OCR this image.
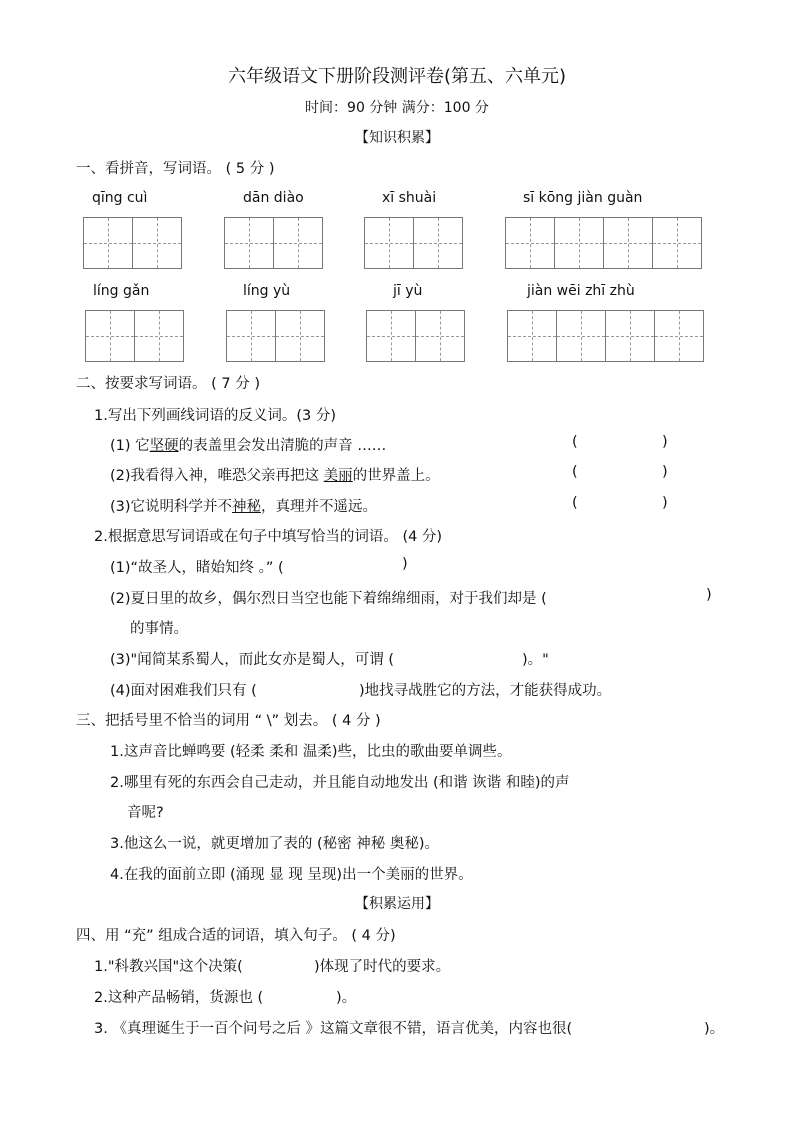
六年级语文下册阶段测评卷(第五、六单元)
时间：90 分钟 满分：100 分
【知识积累】
一、看拼音，写词语。 ( 5 分 )
qīng cuì	dān diào	xī shuài	sī kōng jiàn guàn
líng gǎn	líng yù	jī yù	jiàn wēi zhī zhù
二、按要求写词语。 ( 7 分 )
1.写出下列画线词语的反义词。(3 分)
(1) 它坚硬的表盖里会发出清脆的声音 ……	(	)
(2)我看得入神，唯恐父亲再把这 美丽的世界盖上。	(	)
(3)它说明科学并不神秘，真理并不遥远。	(	)
2.根据意思写词语或在句子中填写恰当的词语。 (4 分)
(1)“故圣人，睹始知终 。” (	)
(2)夏日里的故乡，偶尔烈日当空也能下着绵绵细雨，对于我们却是 (	)
的事情。
(3)"闻简某系蜀人，而此女亦是蜀人，可谓 (	)。"
(4)面对困难我们只有 (	)地找寻战胜它的方法，才能获得成功。
三、把括号里不恰当的词用 “ \” 划去。 ( 4 分 )
1.这声音比蝉鸣要 (轻柔 柔和 温柔)些，比虫的歌曲要单调些。
2.哪里有死的东西会自己走动，并且能自动地发出 (和谐 诙谐 和睦)的声
音呢?
3.他这么一说，就更增加了表的 (秘密 神秘 奥秘)。
4.在我的面前立即 (涌现 显 现 呈现)出一个美丽的世界。
【积累运用】
四、用 “充” 组成合适的词语，填入句子。 ( 4 分)
1."科教兴国"这个决策(	)体现了时代的要求。
2.这种产品畅销，货源也 (	)。
3. 《真理诞生于一百个问号之后 》这篇文章很不错，语言优美，内容也很(	)。
